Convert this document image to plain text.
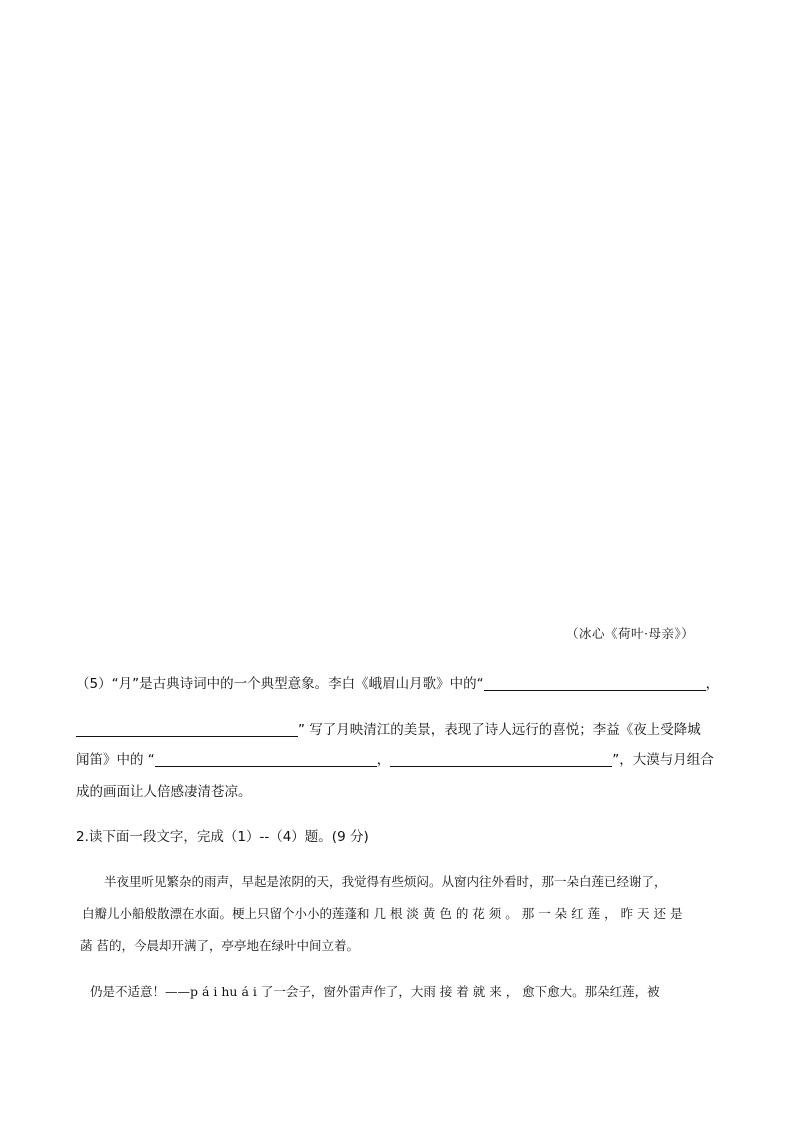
（冰心《荷叶·母亲》）
（5）“月”是古典诗词中的一个典型意象。李白《峨眉山月歌》中的“	，
” 写了月映清江的美景，表现了诗人远行的喜悦；李益《夜上受降城
闻笛》中的 “	，	”，大漠与月组合
成的画面让人倍感凄清苍凉。
2.读下面一段文字，完成（1）--（4）题。(9 分)
半夜里听见繁杂的雨声，早起是浓阴的天，我觉得有些烦闷。从窗内往外看时，那一朵白莲已经谢了，
白瓣儿小船般散漂在水面。梗上只留个小小的莲蓬和 几 根 淡 黄 色 的 花 须 。 那 一 朵 红 莲 ， 昨 天 还 是
菡 萏的，今晨却开满了，亭亭地在绿叶中间立着。
仍是不适意！——p á i hu á i 了一会子，窗外雷声作了，大雨 接 着 就 来 ， 愈下愈大。那朵红莲，被
